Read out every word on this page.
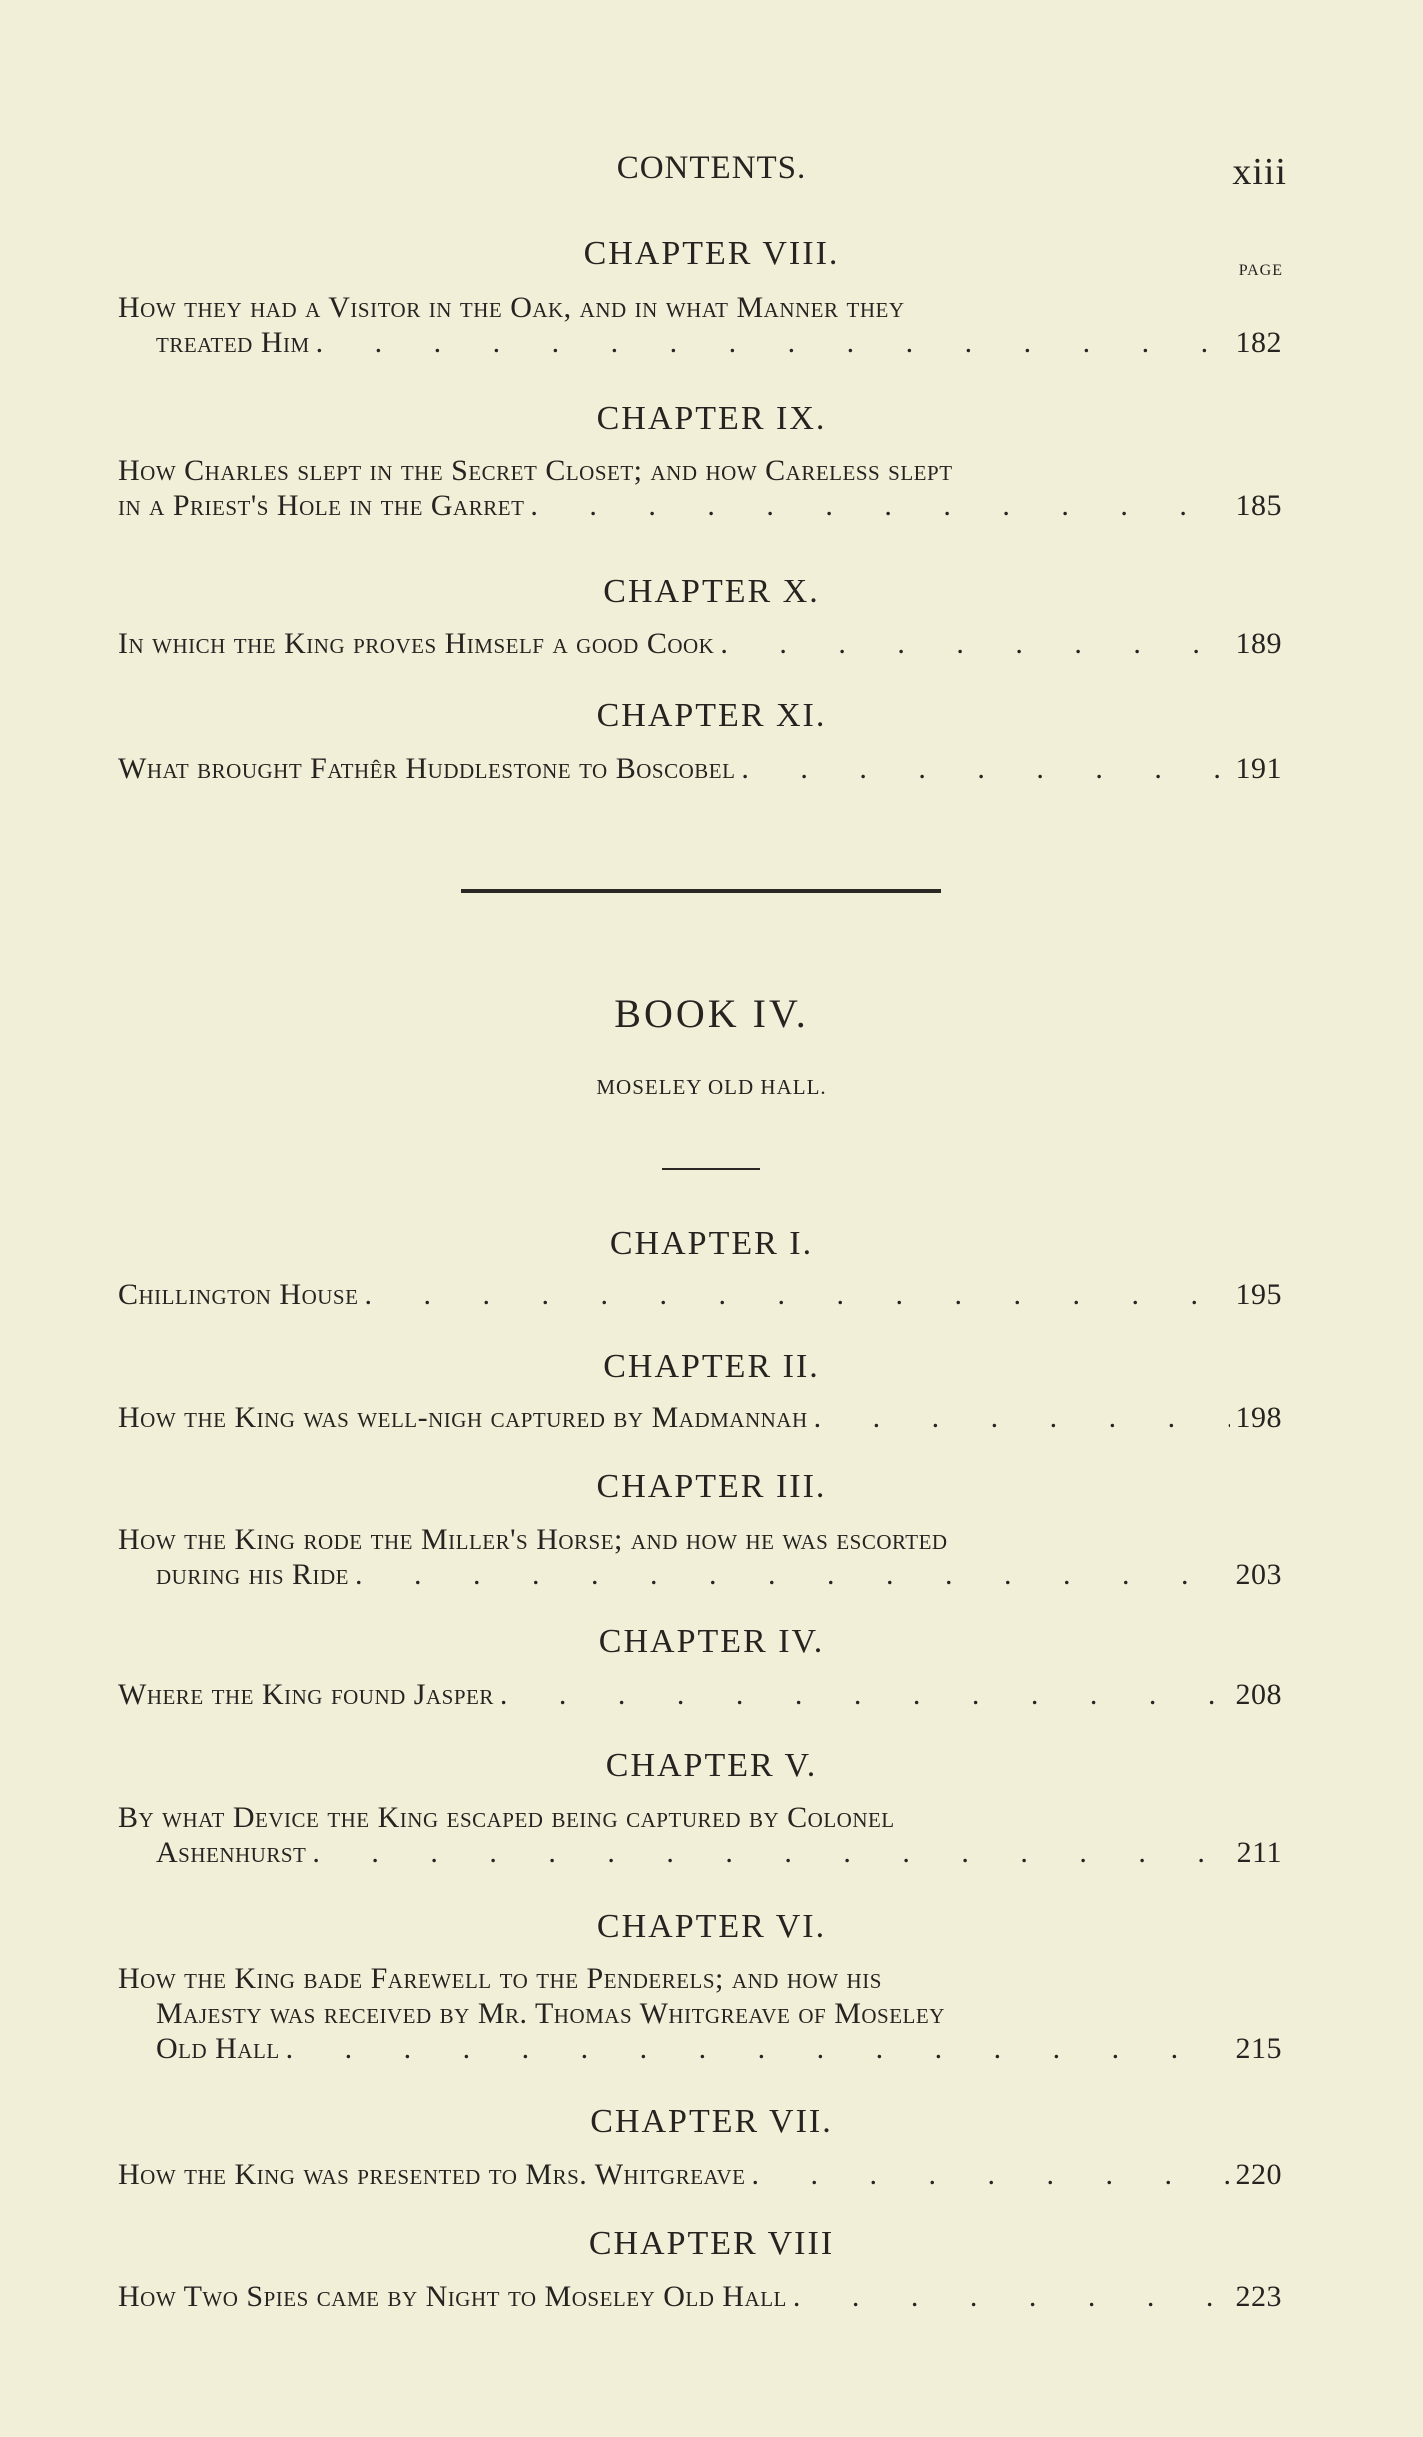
CONTENTS.	xiii
PAGE
CHAPTER VIII.
How they had a Visitor in the Oak, and in what Manner they
treated Him . . .	182
CHAPTER IX.
How Charles slept in the Secret Closet; and how Careless slept
in a Priest's Hole in the Garret . . .	185
CHAPTER X.
In which the King proves Himself a good Cook . . .	189
CHAPTER XI.
What brought Fathêr Huddlestone to Boscobel . . .	191
BOOK IV.
MOSELEY OLD HALL.
CHAPTER I.
Chillington House . . .	195
CHAPTER II.
How the King was well-nigh captured by Madmannah . . .	198
CHAPTER III.
How the King rode the Miller's Horse; and how he was escorted
during his Ride . . .	203
CHAPTER IV.
Where the King found Jasper . . .	208
CHAPTER V.
By what Device the King escaped being captured by Colonel
Ashenhurst . . .	211
CHAPTER VI.
How the King bade Farewell to the Penderels; and how his
Majesty was received by Mr. Thomas Whitgreave of Moseley
Old Hall . . .	215
CHAPTER VII.
How the King was presented to Mrs. Whitgreave . . .	220
CHAPTER VIII
How Two Spies came by Night to Moseley Old Hall . . .	223
